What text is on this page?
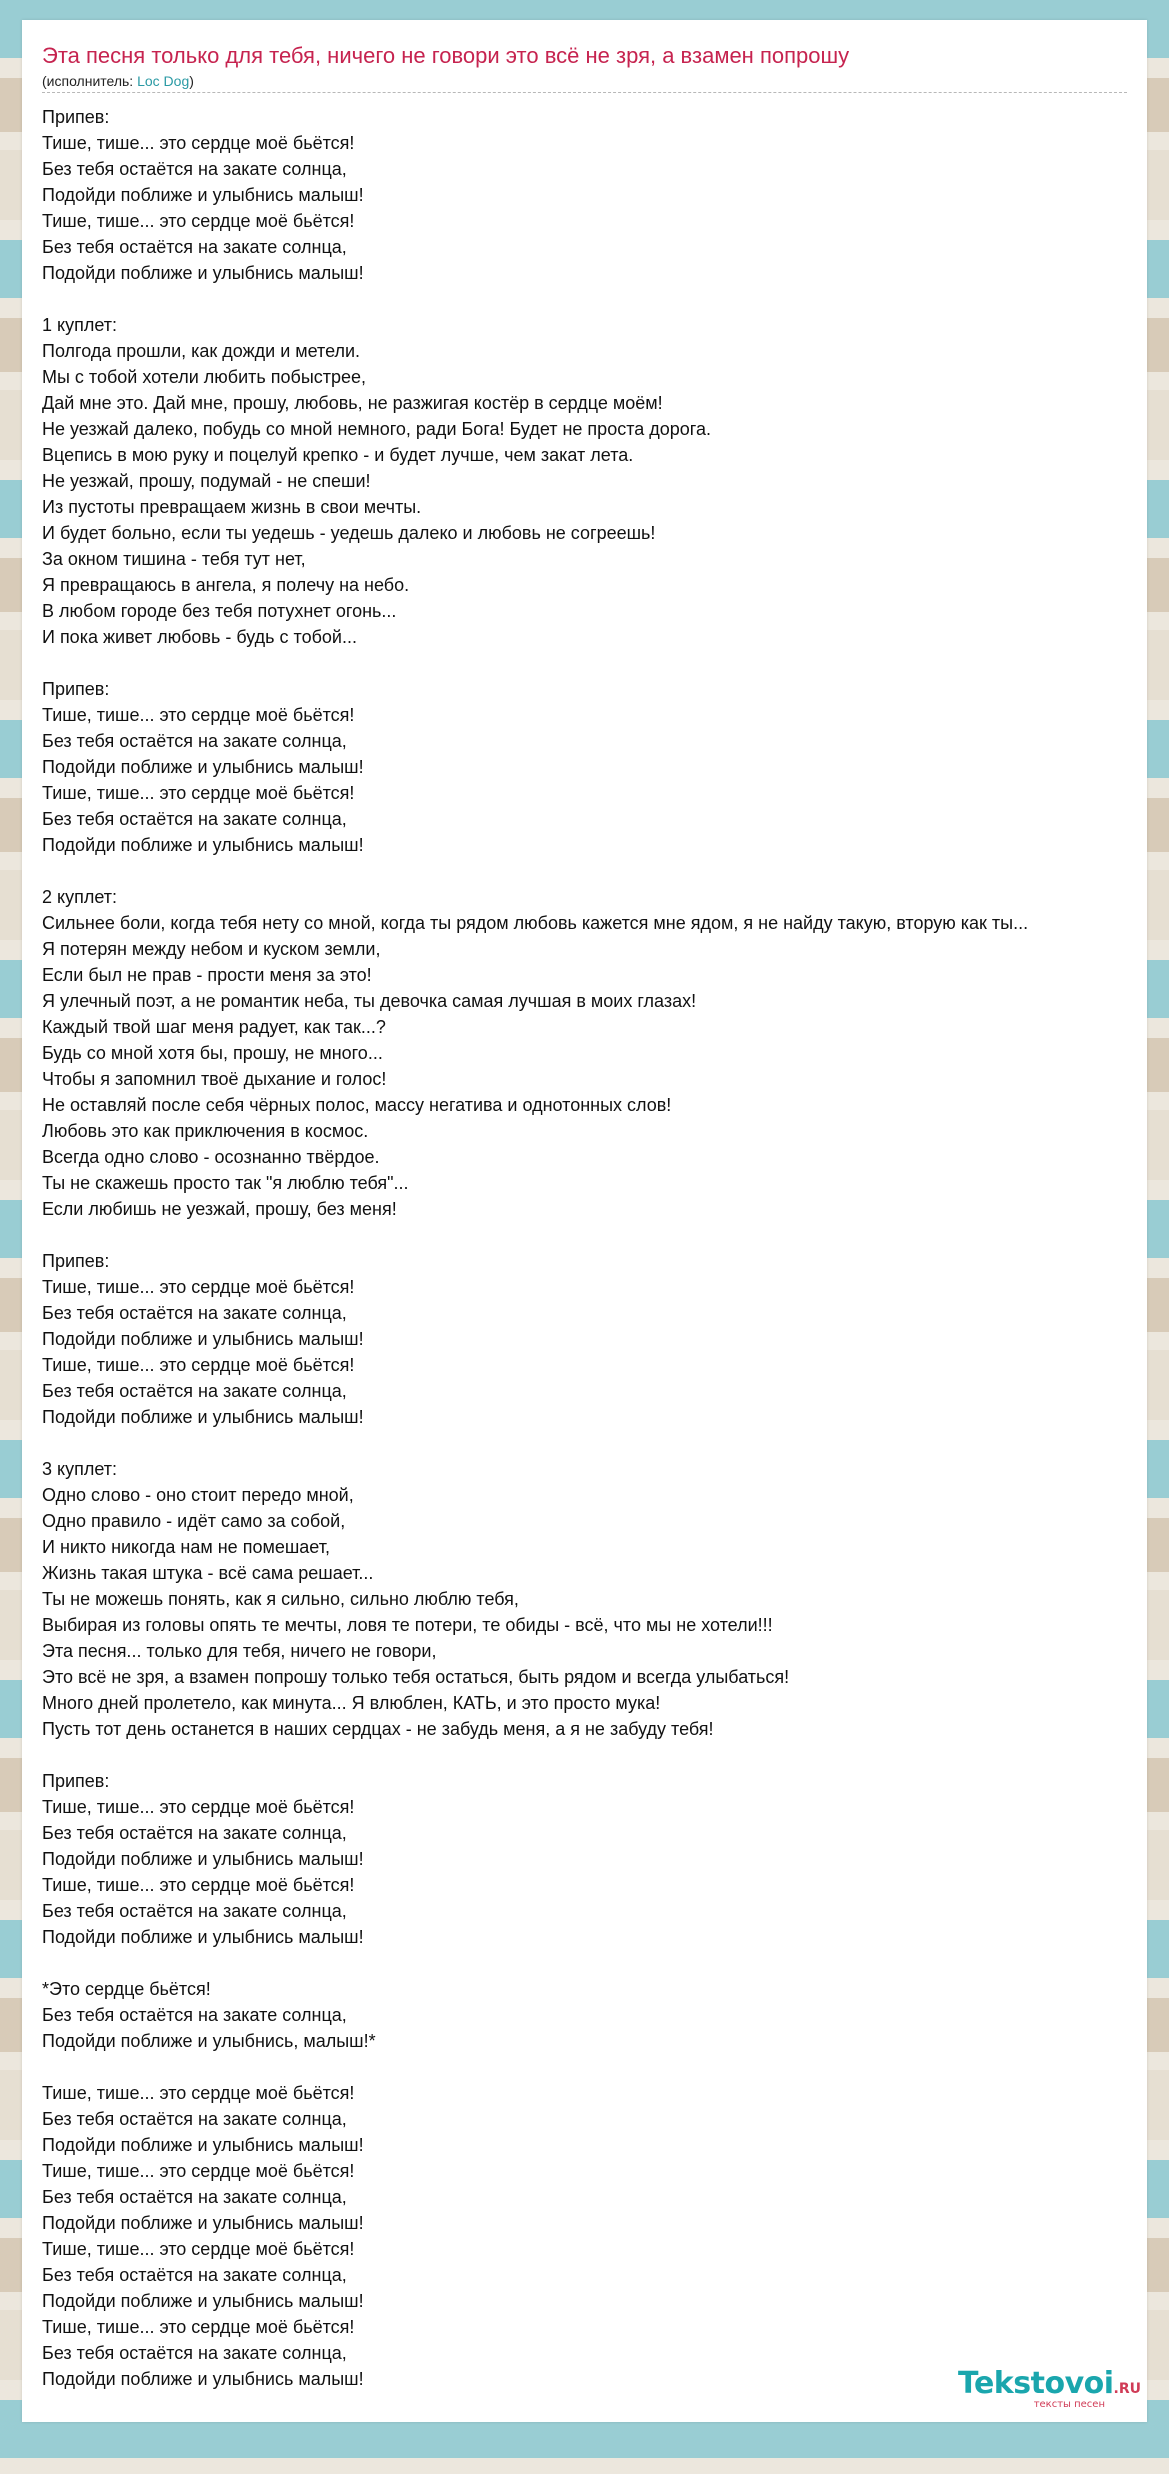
Эта песня только для тебя, ничего не говори это всё не зря, а взамен попрошу
(исполнитель: Loc Dog)
Припев:
Тише, тише... это сердце моё бьётся!
Без тебя остаётся на закате солнца,
Подойди поближе и улыбнись малыш!
Тише, тише... это сердце моё бьётся!
Без тебя остаётся на закате солнца,
Подойди поближе и улыбнись малыш!

1 куплет:
Полгода прошли, как дожди и метели.
Мы с тобой хотели любить побыстрее,
Дай мне это. Дай мне, прошу, любовь, не разжигая костёр в сердце моём!
Не уезжай далеко, побудь со мной немного, ради Бога! Будет не проста дорога.
Вцепись в мою руку и поцелуй крепко - и будет лучше, чем закат лета.
Не уезжай, прошу, подумай - не спеши!
Из пустоты превращаем жизнь в свои мечты.
И будет больно, если ты уедешь - уедешь далеко и любовь не согреешь!
За окном тишина - тебя тут нет,
Я превращаюсь в ангела, я полечу на небо.
В любом городе без тебя потухнет огонь...
И пока живет любовь - будь с тобой...

Припев:
Тише, тише... это сердце моё бьётся!
Без тебя остаётся на закате солнца,
Подойди поближе и улыбнись малыш!
Тише, тише... это сердце моё бьётся!
Без тебя остаётся на закате солнца,
Подойди поближе и улыбнись малыш!

2 куплет:
Сильнее боли, когда тебя нету со мной, когда ты рядом любовь кажется мне ядом, я не найду такую, вторую как ты...
Я потерян между небом и куском земли,
Если был не прав - прости меня за это!
Я улечный поэт, а не романтик неба, ты девочка самая лучшая в моих глазах!
Каждый твой шаг меня радует, как так...?
Будь со мной хотя бы, прошу, не много...
Чтобы я запомнил твоё дыхание и голос!
Не оставляй после себя чёрных полос, массу негатива и однотонных слов!
Любовь это как приключения в космос.
Всегда одно слово - осознанно твёрдое.
Ты не скажешь просто так "я люблю тебя"...
Если любишь не уезжай, прошу, без меня!

Припев:
Тише, тише... это сердце моё бьётся!
Без тебя остаётся на закате солнца,
Подойди поближе и улыбнись малыш!
Тише, тише... это сердце моё бьётся!
Без тебя остаётся на закате солнца,
Подойди поближе и улыбнись малыш!

3 куплет:
Одно слово - оно стоит передо мной,
Одно правило - идёт само за собой,
И никто никогда нам не помешает,
Жизнь такая штука - всё сама решает...
Ты не можешь понять, как я сильно, сильно люблю тебя,
Выбирая из головы опять те мечты, ловя те потери, те обиды - всё, что мы не хотели!!!
Эта песня... только для тебя, ничего не говори,
Это всё не зря, а взамен попрошу только тебя остаться, быть рядом и всегда улыбаться!
Много дней пролетело, как минута... Я влюблен, КАТЬ, и это просто мука!
Пусть тот день останется в наших сердцах - не забудь меня, а я не забуду тебя!

Припев:
Тише, тише... это сердце моё бьётся!
Без тебя остаётся на закате солнца,
Подойди поближе и улыбнись малыш!
Тише, тише... это сердце моё бьётся!
Без тебя остаётся на закате солнца,
Подойди поближе и улыбнись малыш!

*Это сердце бьётся!
Без тебя остаётся на закате солнца,
Подойди поближе и улыбнись, малыш!*

Тише, тише... это сердце моё бьётся!
Без тебя остаётся на закате солнца,
Подойди поближе и улыбнись малыш!
Тише, тише... это сердце моё бьётся!
Без тебя остаётся на закате солнца,
Подойди поближе и улыбнись малыш!
Тише, тише... это сердце моё бьётся!
Без тебя остаётся на закате солнца,
Подойди поближе и улыбнись малыш!
Тише, тише... это сердце моё бьётся!
Без тебя остаётся на закате солнца,
Подойди поближе и улыбнись малыш!	Tekstovoi.RU
тексты песен
